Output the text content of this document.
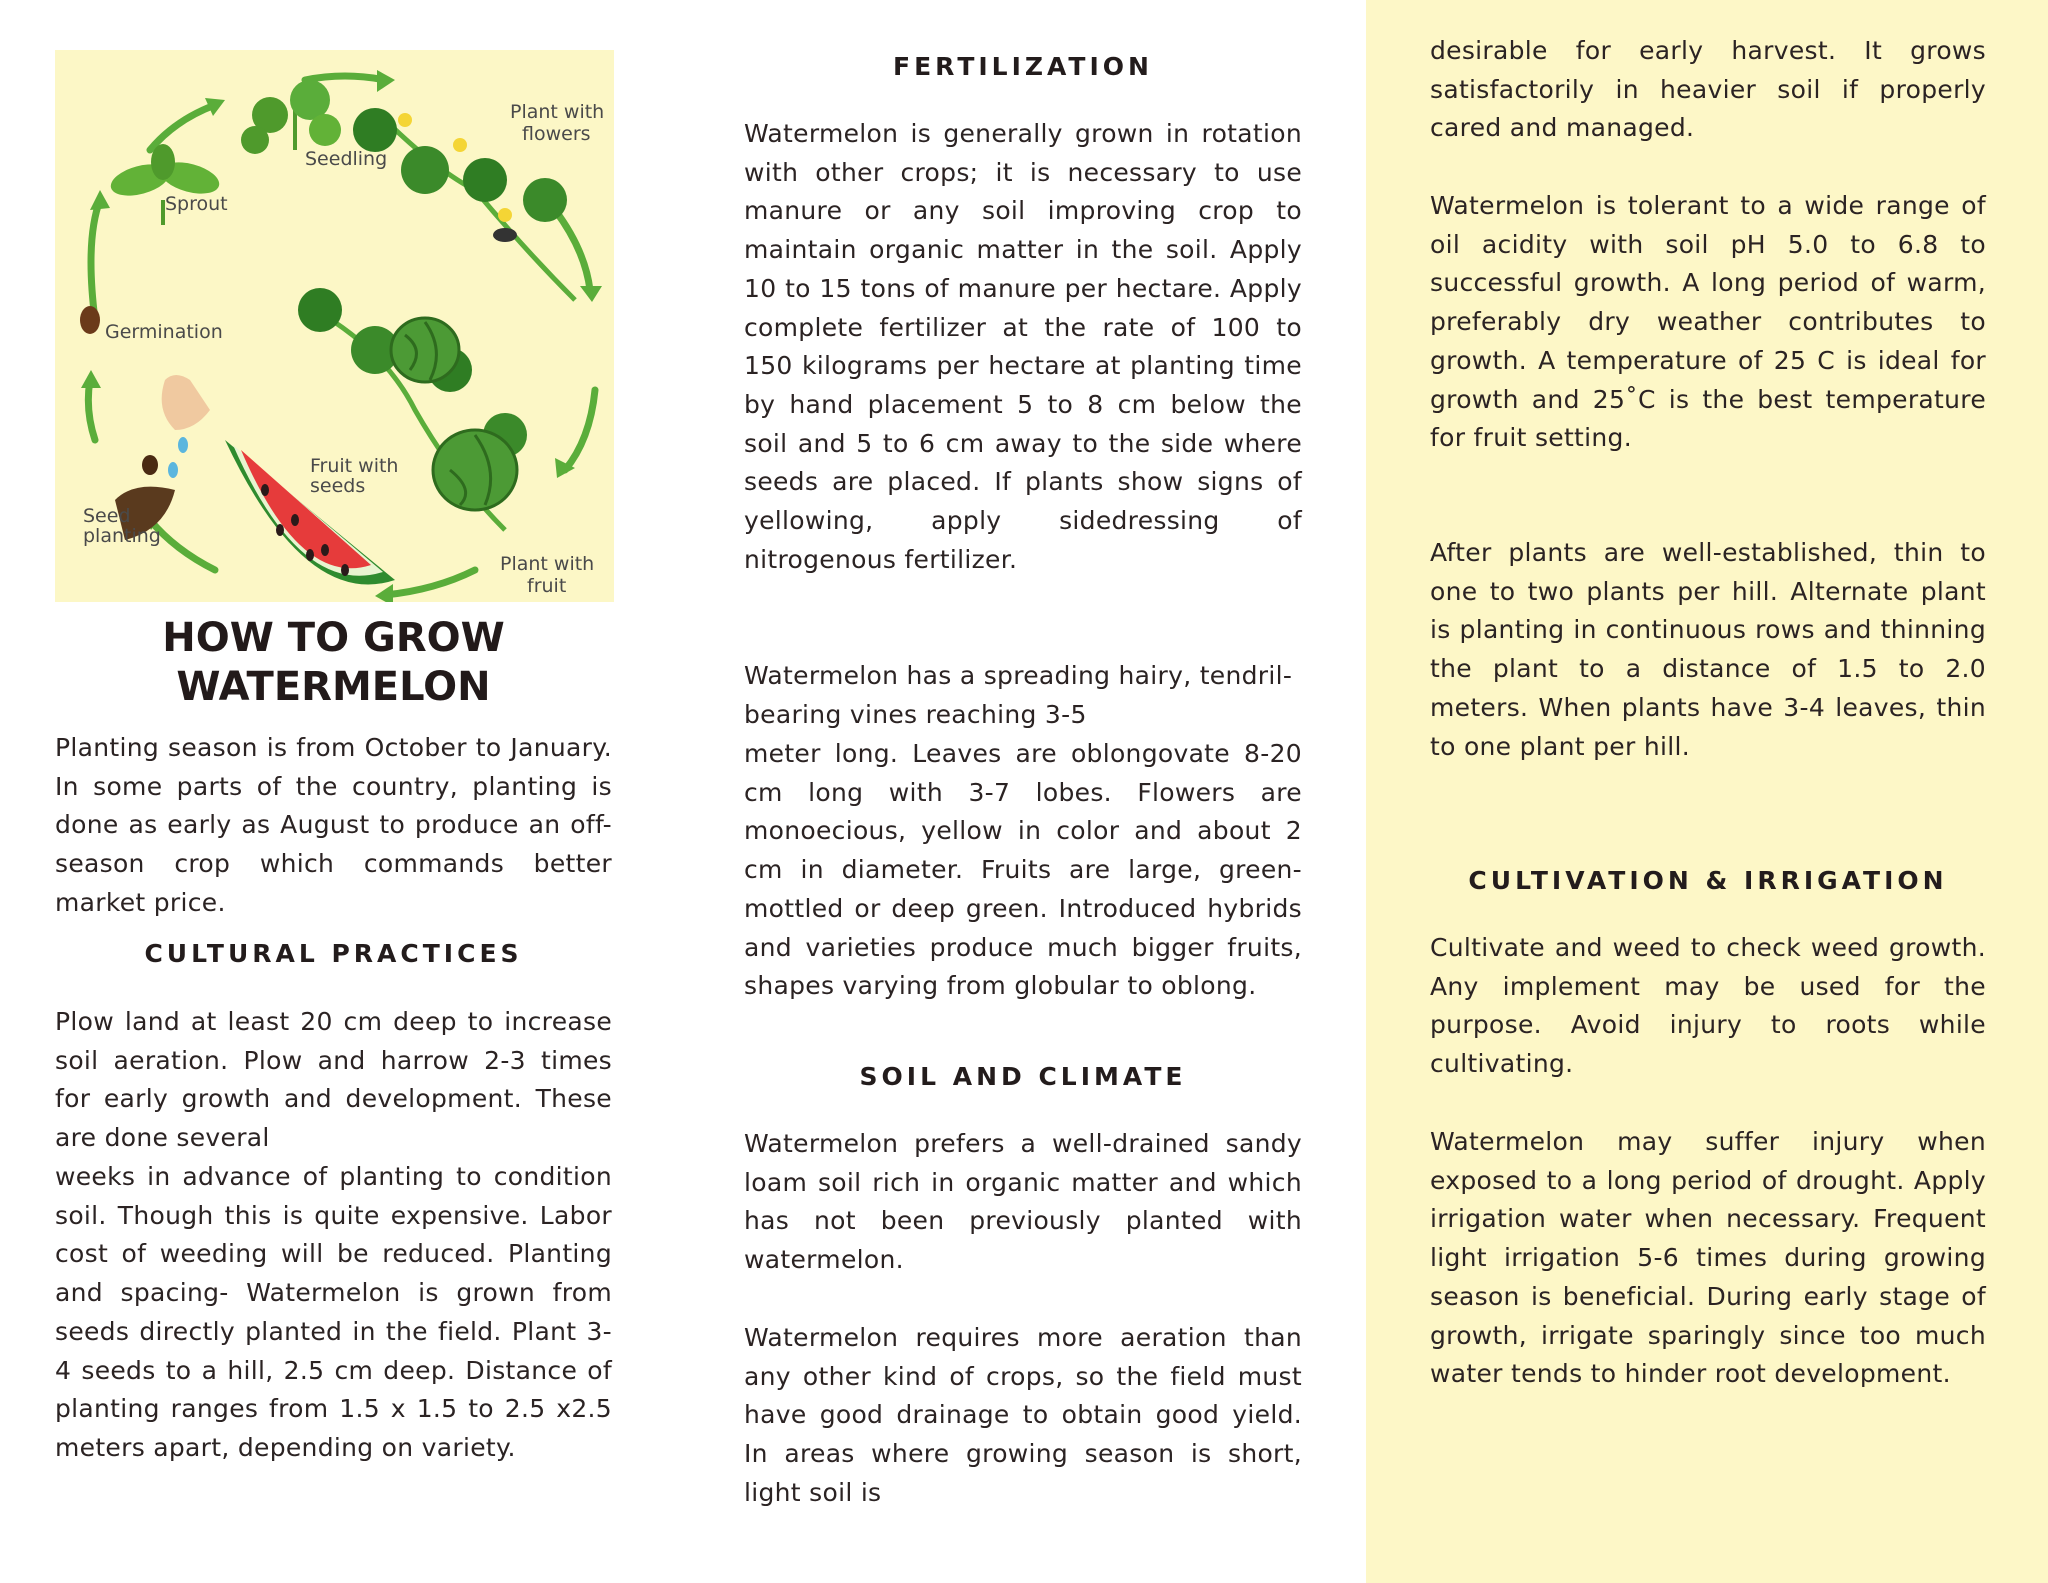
Sprout
Seedling
Plant with
flowers
Germination
Fruit with
seeds
Seed
planting
Plant with
fruit
HOW TO GROW
WATERMELON

Planting season is from October to January. In some parts of the country, planting is done as early as August to produce an off-season crop which commands better market price.

CULTURAL PRACTICES

Plow land at least 20 cm deep to increase soil aeration. Plow and harrow 2-3 times for early growth and development. These are done several

weeks in advance of planting to condition soil. Though this is quite expensive. Labor cost of weeding will be reduced. Planting and spacing- Watermelon is grown from seeds directly planted in the field. Plant 3-4 seeds to a hill, 2.5 cm deep. Distance of planting ranges from 1.5 x 1.5 to 2.5 x2.5 meters apart, depending on variety.

FERTILIZATION

Watermelon is generally grown in rotation with other crops; it is necessary to use manure or any soil improving crop to maintain organic matter in the soil. Apply 10 to 15 tons of manure per hectare. Apply complete fertilizer at the rate of 100 to 150 kilograms per hectare at planting time by hand placement 5 to 8 cm below the soil and 5 to 6 cm away to the side where seeds are placed. If plants show signs of yellowing, apply sidedressing of nitrogenous fertilizer.

Watermelon has a spreading hairy, tendril-bearing vines reaching 3-5

meter long. Leaves are oblongovate 8-20 cm long with 3-7 lobes. Flowers are monoecious, yellow in color and about 2 cm in diameter. Fruits are large, green-mottled or deep green. Introduced hybrids and varieties produce much bigger fruits, shapes varying from globular to oblong.

SOIL AND CLIMATE

Watermelon prefers a well-drained sandy loam soil rich in organic matter and which has not been previously planted with watermelon.

Watermelon requires more aeration than any other kind of crops, so the field must have good drainage to obtain good yield. In areas where growing season is short, light soil is

desirable for early harvest. It grows satisfactorily in heavier soil if properly cared and managed.

Watermelon is tolerant to a wide range of oil acidity with soil pH 5.0 to 6.8 to successful growth. A long period of warm, preferably dry weather contributes to growth. A temperature of 25 C is ideal for growth and 25˚C is the best temperature for fruit setting.

After plants are well-established, thin to one to two plants per hill. Alternate plant is planting in continuous rows and thinning the plant to a distance of 1.5 to 2.0 meters. When plants have 3-4 leaves, thin to one plant per hill.

CULTIVATION & IRRIGATION

Cultivate and weed to check weed growth. Any implement may be used for the purpose. Avoid injury to roots while cultivating.

Watermelon may suffer injury when exposed to a long period of drought. Apply irrigation water when necessary. Frequent light irrigation 5-6 times during growing season is beneficial. During early stage of growth, irrigate sparingly since too much water tends to hinder root development.
